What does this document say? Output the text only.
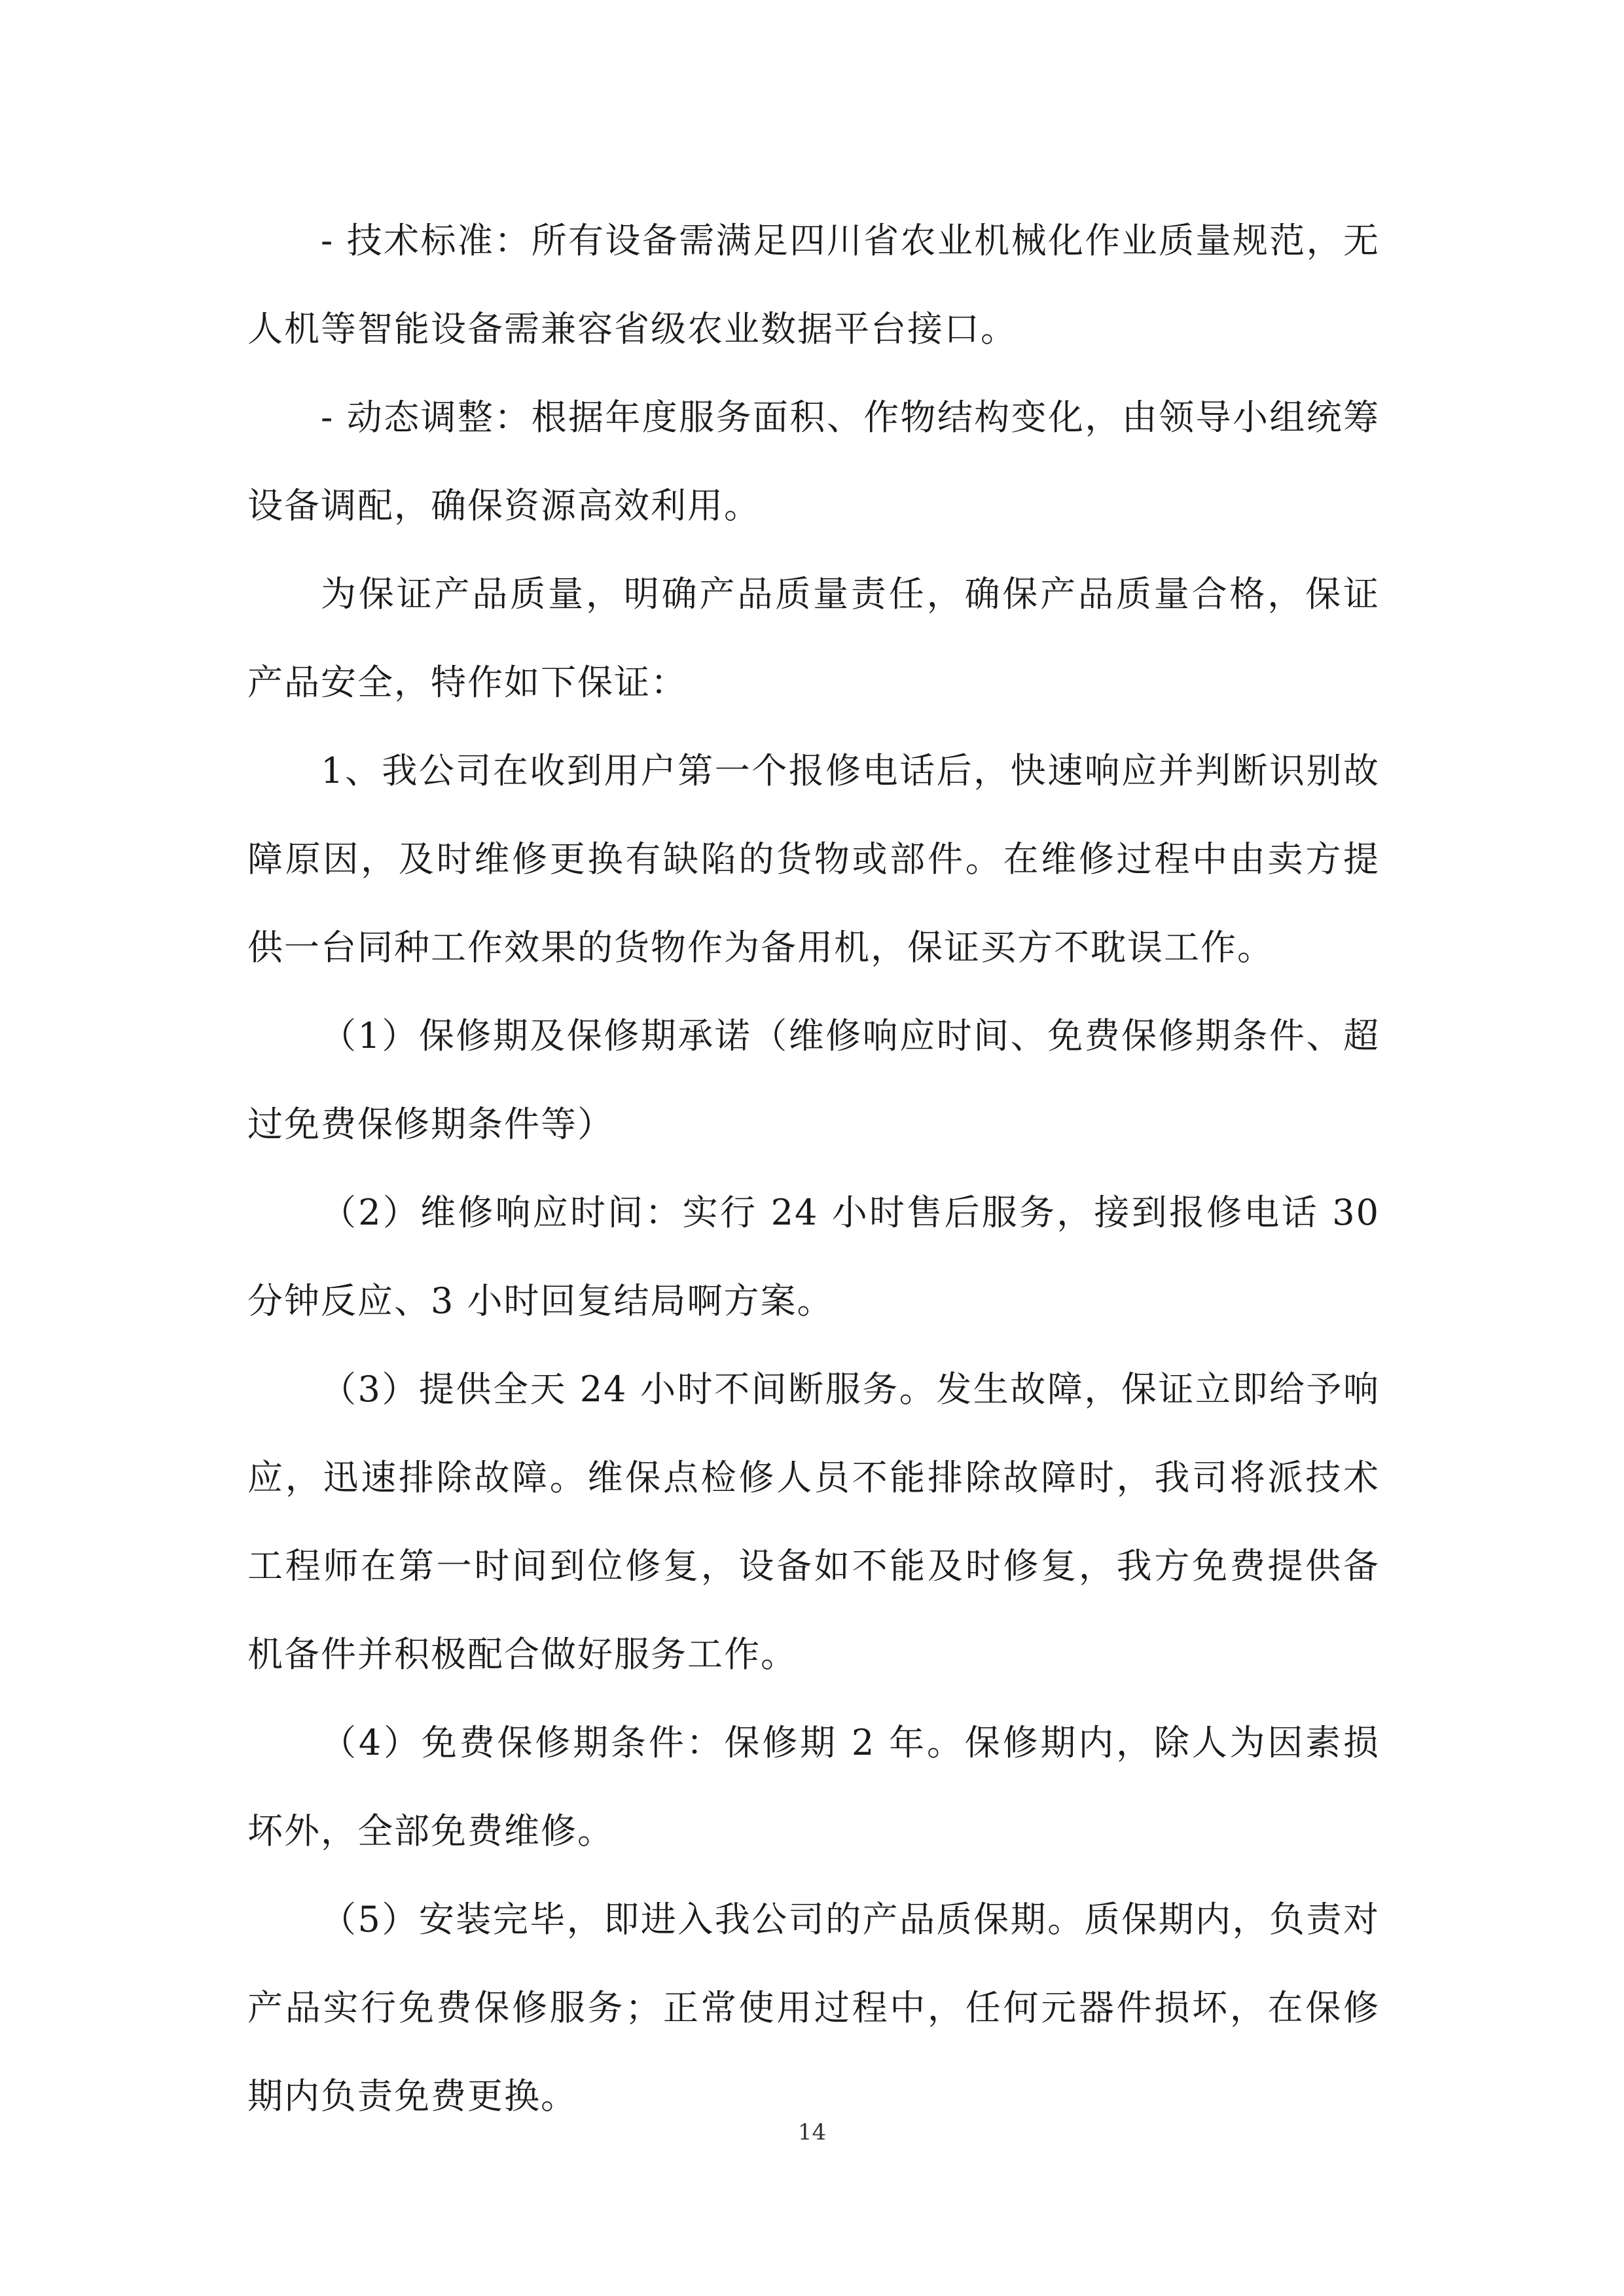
- 技术标准：所有设备需满足四川省农业机械化作业质量规范，无人机等智能设备需兼容省级农业数据平台接口。

- 动态调整：根据年度服务面积、作物结构变化，由领导小组统筹设备调配，确保资源高效利用。

为保证产品质量，明确产品质量责任，确保产品质量合格，保证产品安全，特作如下保证：

1、我公司在收到用户第一个报修电话后，快速响应并判断识别故障原因，及时维修更换有缺陷的货物或部件。在维修过程中由卖方提供一台同种工作效果的货物作为备用机，保证买方不耽误工作。

（1）保修期及保修期承诺（维修响应时间、免费保修期条件、超过免费保修期条件等）

（2）维修响应时间：实行 24 小时售后服务，接到报修电话 30 分钟反应、3 小时回复结局啊方案。

（3）提供全天 24 小时不间断服务。发生故障，保证立即给予响应，迅速排除故障。维保点检修人员不能排除故障时，我司将派技术工程师在第一时间到位修复，设备如不能及时修复，我方免费提供备机备件并积极配合做好服务工作。

（4）免费保修期条件：保修期 2 年。保修期内，除人为因素损坏外，全部免费维修。

（5）安装完毕，即进入我公司的产品质保期。质保期内，负责对产品实行免费保修服务；正常使用过程中，任何元器件损坏，在保修期内负责免费更换。

14
